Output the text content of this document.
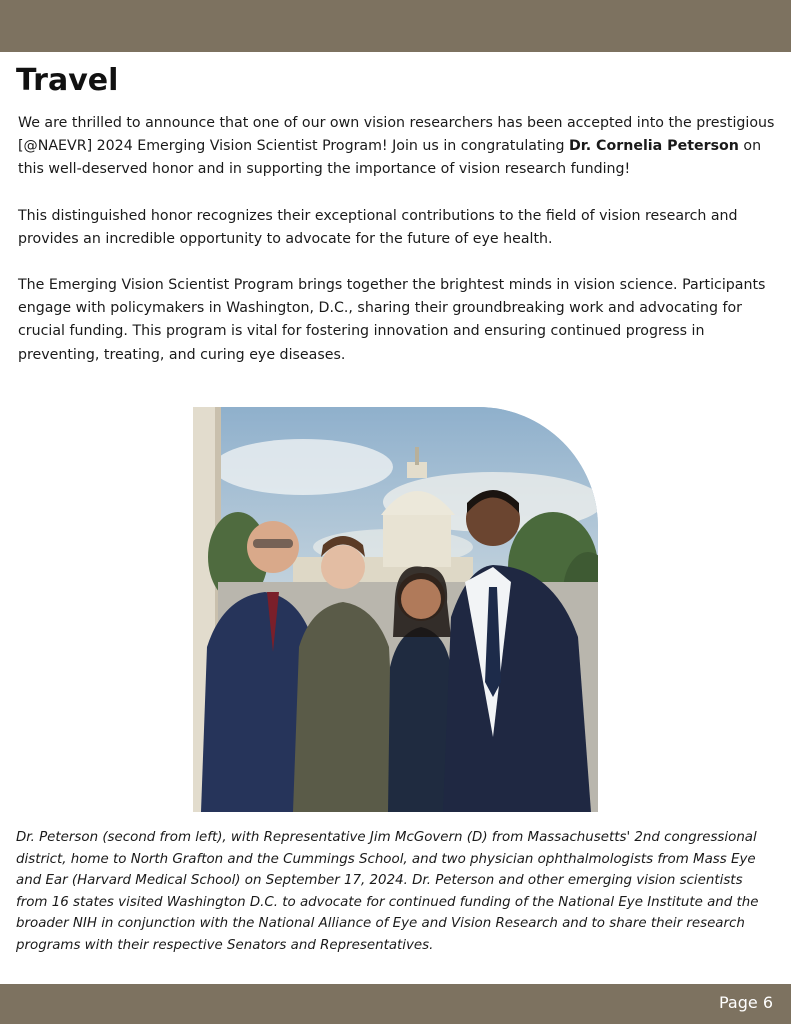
Travel

We are thrilled to announce that one of our own vision researchers has been accepted into the prestigious [@NAEVR] 2024 Emerging Vision Scientist Program! Join us in congratulating Dr. Cornelia Peterson on this well-deserved honor and in supporting the importance of vision research funding!

This distinguished honor recognizes their exceptional contributions to the field of vision research and provides an incredible opportunity to advocate for the future of eye health.

The Emerging Vision Scientist Program brings together the brightest minds in vision science. Participants engage with policymakers in Washington, D.C., sharing their groundbreaking work and advocating for crucial funding. This program is vital for fostering innovation and ensuring continued progress in preventing, treating, and curing eye diseases.

Dr. Peterson (second from left), with Representative Jim McGovern (D) from Massachusetts' 2nd congressional district, home to North Grafton and the Cummings School, and two physician ophthalmologists from Mass Eye and Ear (Harvard Medical School) on September 17, 2024. Dr. Peterson and other emerging vision scientists from 16 states visited Washington D.C. to advocate for continued funding of the National Eye Institute and the broader NIH in conjunction with the National Alliance of Eye and Vision Research and to share their research programs with their respective Senators and Representatives.

Page 6
